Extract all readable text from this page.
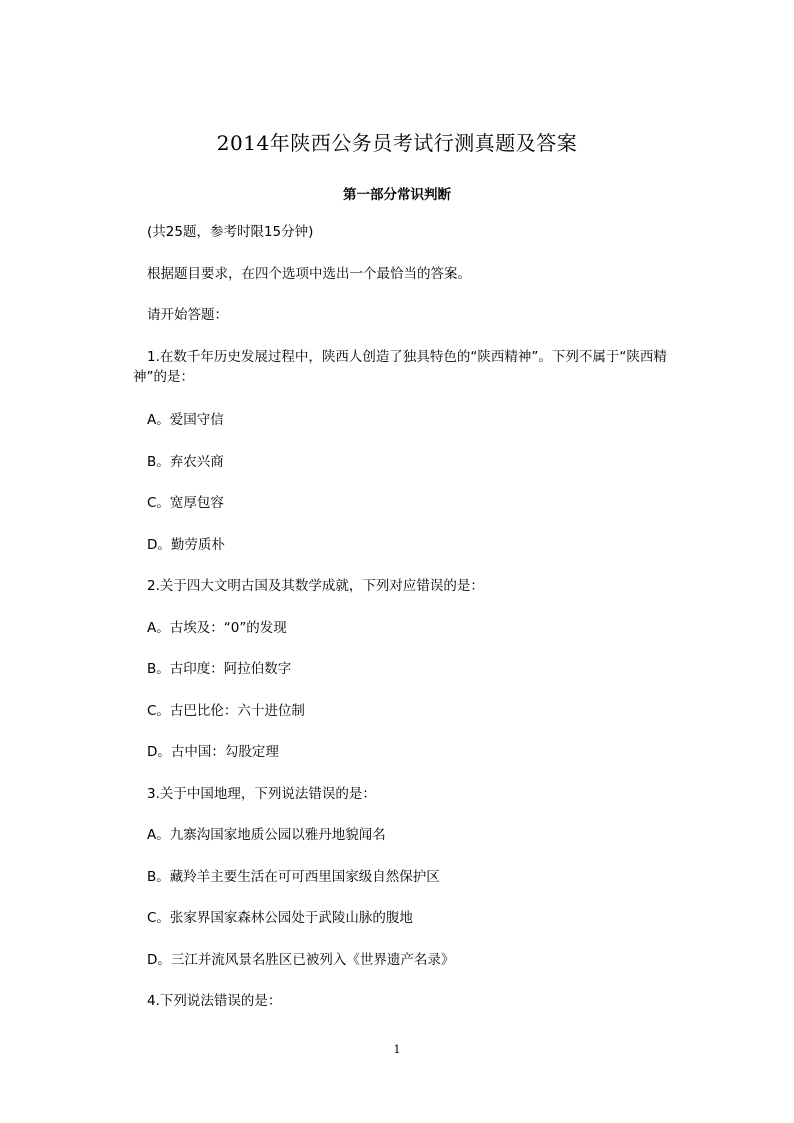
2014年陕西公务员考试行测真题及答案
第一部分常识判断
(共25题，参考时限15分钟)
根据题目要求，在四个选项中选出一个最恰当的答案。
请开始答题：
1.在数千年历史发展过程中，陕西人创造了独具特色的“陕西精神”。下列不属于“陕西精神”的是：
A。爱国守信
B。弃农兴商
C。宽厚包容
D。勤劳质朴
2.关于四大文明古国及其数学成就，下列对应错误的是：
A。古埃及：“0”的发现
B。古印度：阿拉伯数字
C。古巴比伦：六十进位制
D。古中国：勾股定理
3.关于中国地理，下列说法错误的是：
A。九寨沟国家地质公园以雅丹地貌闻名
B。藏羚羊主要生活在可可西里国家级自然保护区
C。张家界国家森林公园处于武陵山脉的腹地
D。三江并流风景名胜区已被列入《世界遗产名录》
4.下列说法错误的是：
1
